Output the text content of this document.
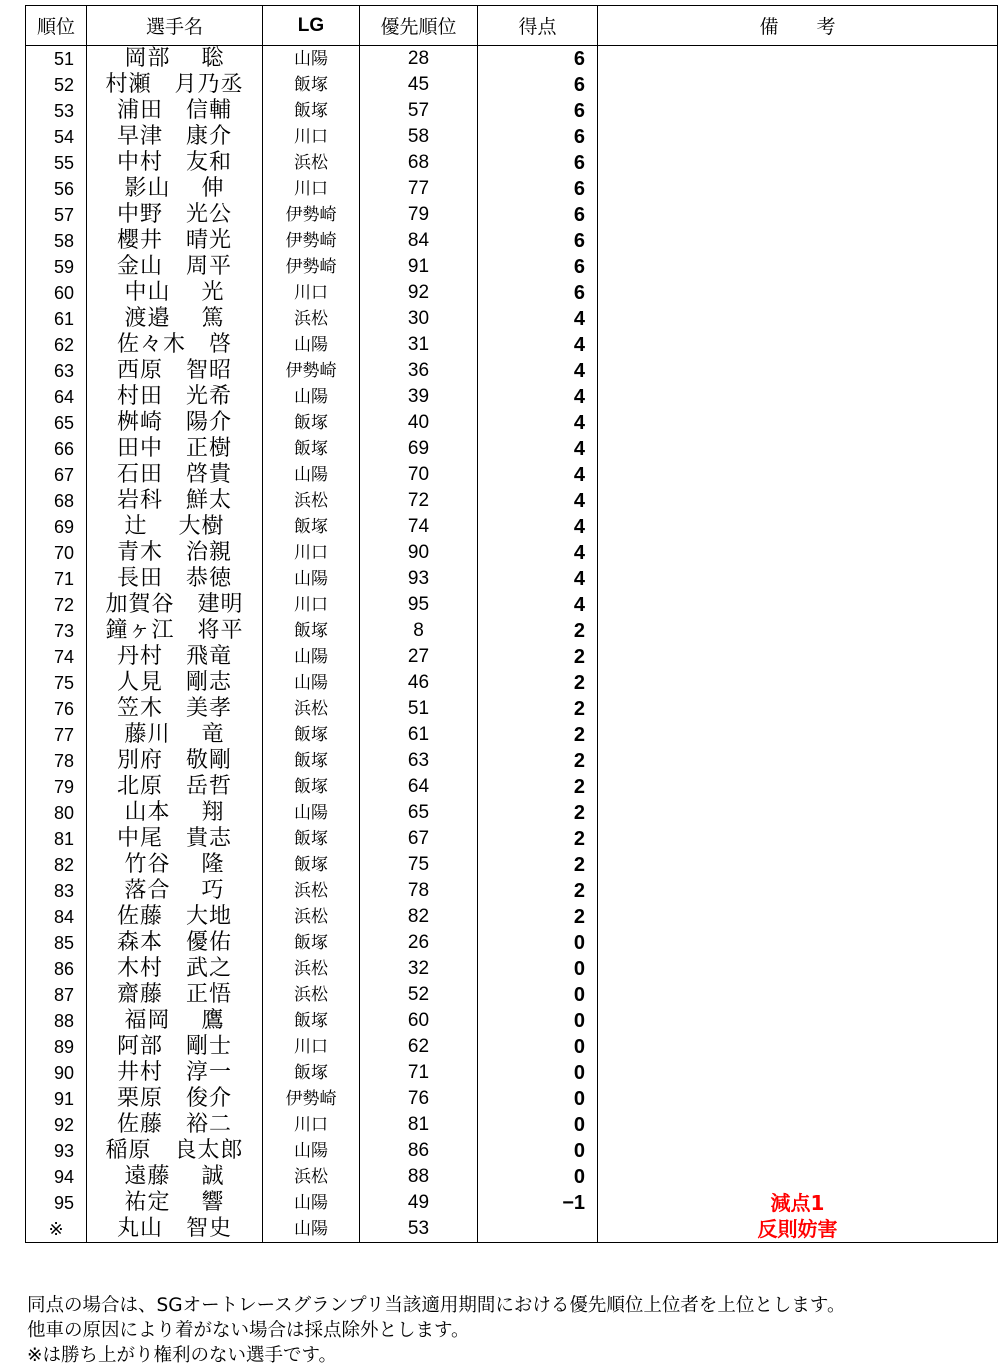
順位	選手名	LG	優先順位	得点	備　　考
51	岡部　 聡	山陽	28	6	
52	村瀬　月乃丞	飯塚	45	6	
53	浦田　信輔	飯塚	57	6	
54	早津　康介	川口	58	6	
55	中村　友和	浜松	68	6	
56	影山　 伸	川口	77	6	
57	中野　光公	伊勢崎	79	6	
58	櫻井　晴光	伊勢崎	84	6	
59	金山　周平	伊勢崎	91	6	
60	中山　 光	川口	92	6	
61	渡邉　 篤	浜松	30	4	
62	佐々木　啓	山陽	31	4	
63	西原　智昭	伊勢崎	36	4	
64	村田　光希	山陽	39	4	
65	桝崎　陽介	飯塚	40	4	
66	田中　正樹	飯塚	69	4	
67	石田　啓貴	山陽	70	4	
68	岩科　鮮太	浜松	72	4	
69	辻　 大樹	飯塚	74	4	
70	青木　治親	川口	90	4	
71	長田　恭徳	山陽	93	4	
72	加賀谷　建明	川口	95	4	
73	鐘ヶ江　将平	飯塚	8	2	
74	丹村　飛竜	山陽	27	2	
75	人見　剛志	山陽	46	2	
76	笠木　美孝	浜松	51	2	
77	藤川　 竜	飯塚	61	2	
78	別府　敬剛	飯塚	63	2	
79	北原　岳哲	飯塚	64	2	
80	山本　 翔	山陽	65	2	
81	中尾　貴志	飯塚	67	2	
82	竹谷　 隆	飯塚	75	2	
83	落合　 巧	浜松	78	2	
84	佐藤　大地	浜松	82	2	
85	森本　優佑	飯塚	26	0	
86	木村　武之	浜松	32	0	
87	齋藤　正悟	浜松	52	0	
88	福岡　 鷹	飯塚	60	0	
89	阿部　剛士	川口	62	0	
90	井村　淳一	飯塚	71	0	
91	栗原　俊介	伊勢崎	76	0	
92	佐藤　裕二	川口	81	0	
93	稲原　良太郎	山陽	86	0	
94	遠藤　 誠	浜松	88	0	
95	祐定　 響	山陽	49	−1	減点1
※	丸山　智史	山陽	53		反則妨害
同点の場合は、SGオートレースグランプリ当該適用期間における優先順位上位者を上位とします。
他車の原因により着がない場合は採点除外とします。
※は勝ち上がり権利のない選手です。
